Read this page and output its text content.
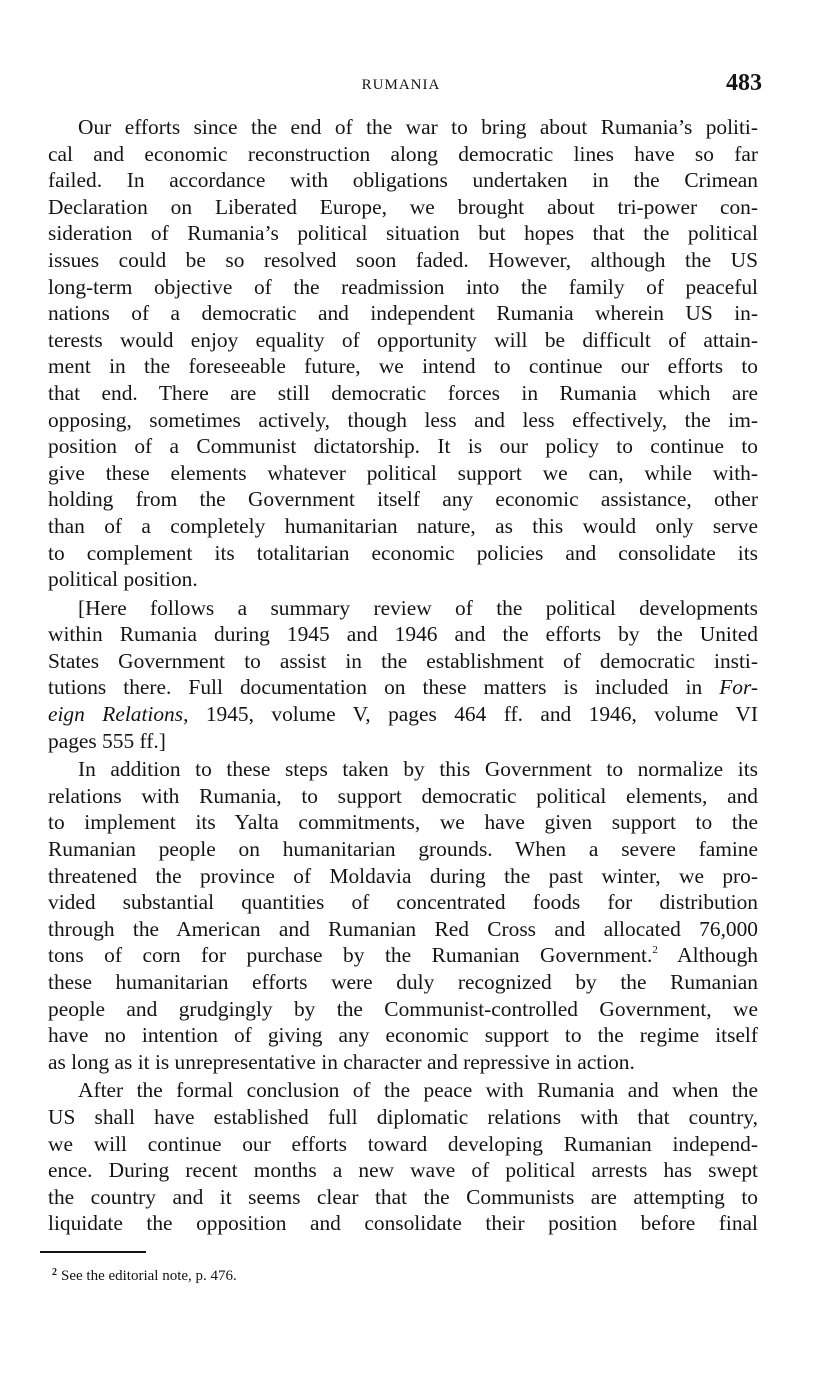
RUMANIA	483
Our efforts since the end of the war to bring about Rumania’s politi-
cal and economic reconstruction along democratic lines have so far
failed. In accordance with obligations undertaken in the Crimean
Declaration on Liberated Europe, we brought about tri-power con-
sideration of Rumania’s political situation but hopes that the political
issues could be so resolved soon faded. However, although the US
long-term objective of the readmission into the family of peaceful
nations of a democratic and independent Rumania wherein US in-
terests would enjoy equality of opportunity will be difficult of attain-
ment in the foreseeable future, we intend to continue our efforts to
that end. There are still democratic forces in Rumania which are
opposing, sometimes actively, though less and less effectively, the im-
position of a Communist dictatorship. It is our policy to continue to
give these elements whatever political support we can, while with-
holding from the Government itself any economic assistance, other
than of a completely humanitarian nature, as this would only serve
to complement its totalitarian economic policies and consolidate its
political position.
[Here follows a summary review of the political developments
within Rumania during 1945 and 1946 and the efforts by the United
States Government to assist in the establishment of democratic insti-
tutions there. Full documentation on these matters is included in For-
eign Relations, 1945, volume V, pages 464 ff. and 1946, volume VI
pages 555 ff.]
In addition to these steps taken by this Government to normalize its
relations with Rumania, to support democratic political elements, and
to implement its Yalta commitments, we have given support to the
Rumanian people on humanitarian grounds. When a severe famine
threatened the province of Moldavia during the past winter, we pro-
vided substantial quantities of concentrated foods for distribution
through the American and Rumanian Red Cross and allocated 76,000
tons of corn for purchase by the Rumanian Government.$^2$ Although
these humanitarian efforts were duly recognized by the Rumanian
people and grudgingly by the Communist-controlled Government, we
have no intention of giving any economic support to the regime itself
as long as it is unrepresentative in character and repressive in action.
After the formal conclusion of the peace with Rumania and when the
US shall have established full diplomatic relations with that country,
we will continue our efforts toward developing Rumanian independ-
ence. During recent months a new wave of political arrests has swept
the country and it seems clear that the Communists are attempting to
liquidate the opposition and consolidate their position before final
$^2$ See the editorial note, p. 476.
